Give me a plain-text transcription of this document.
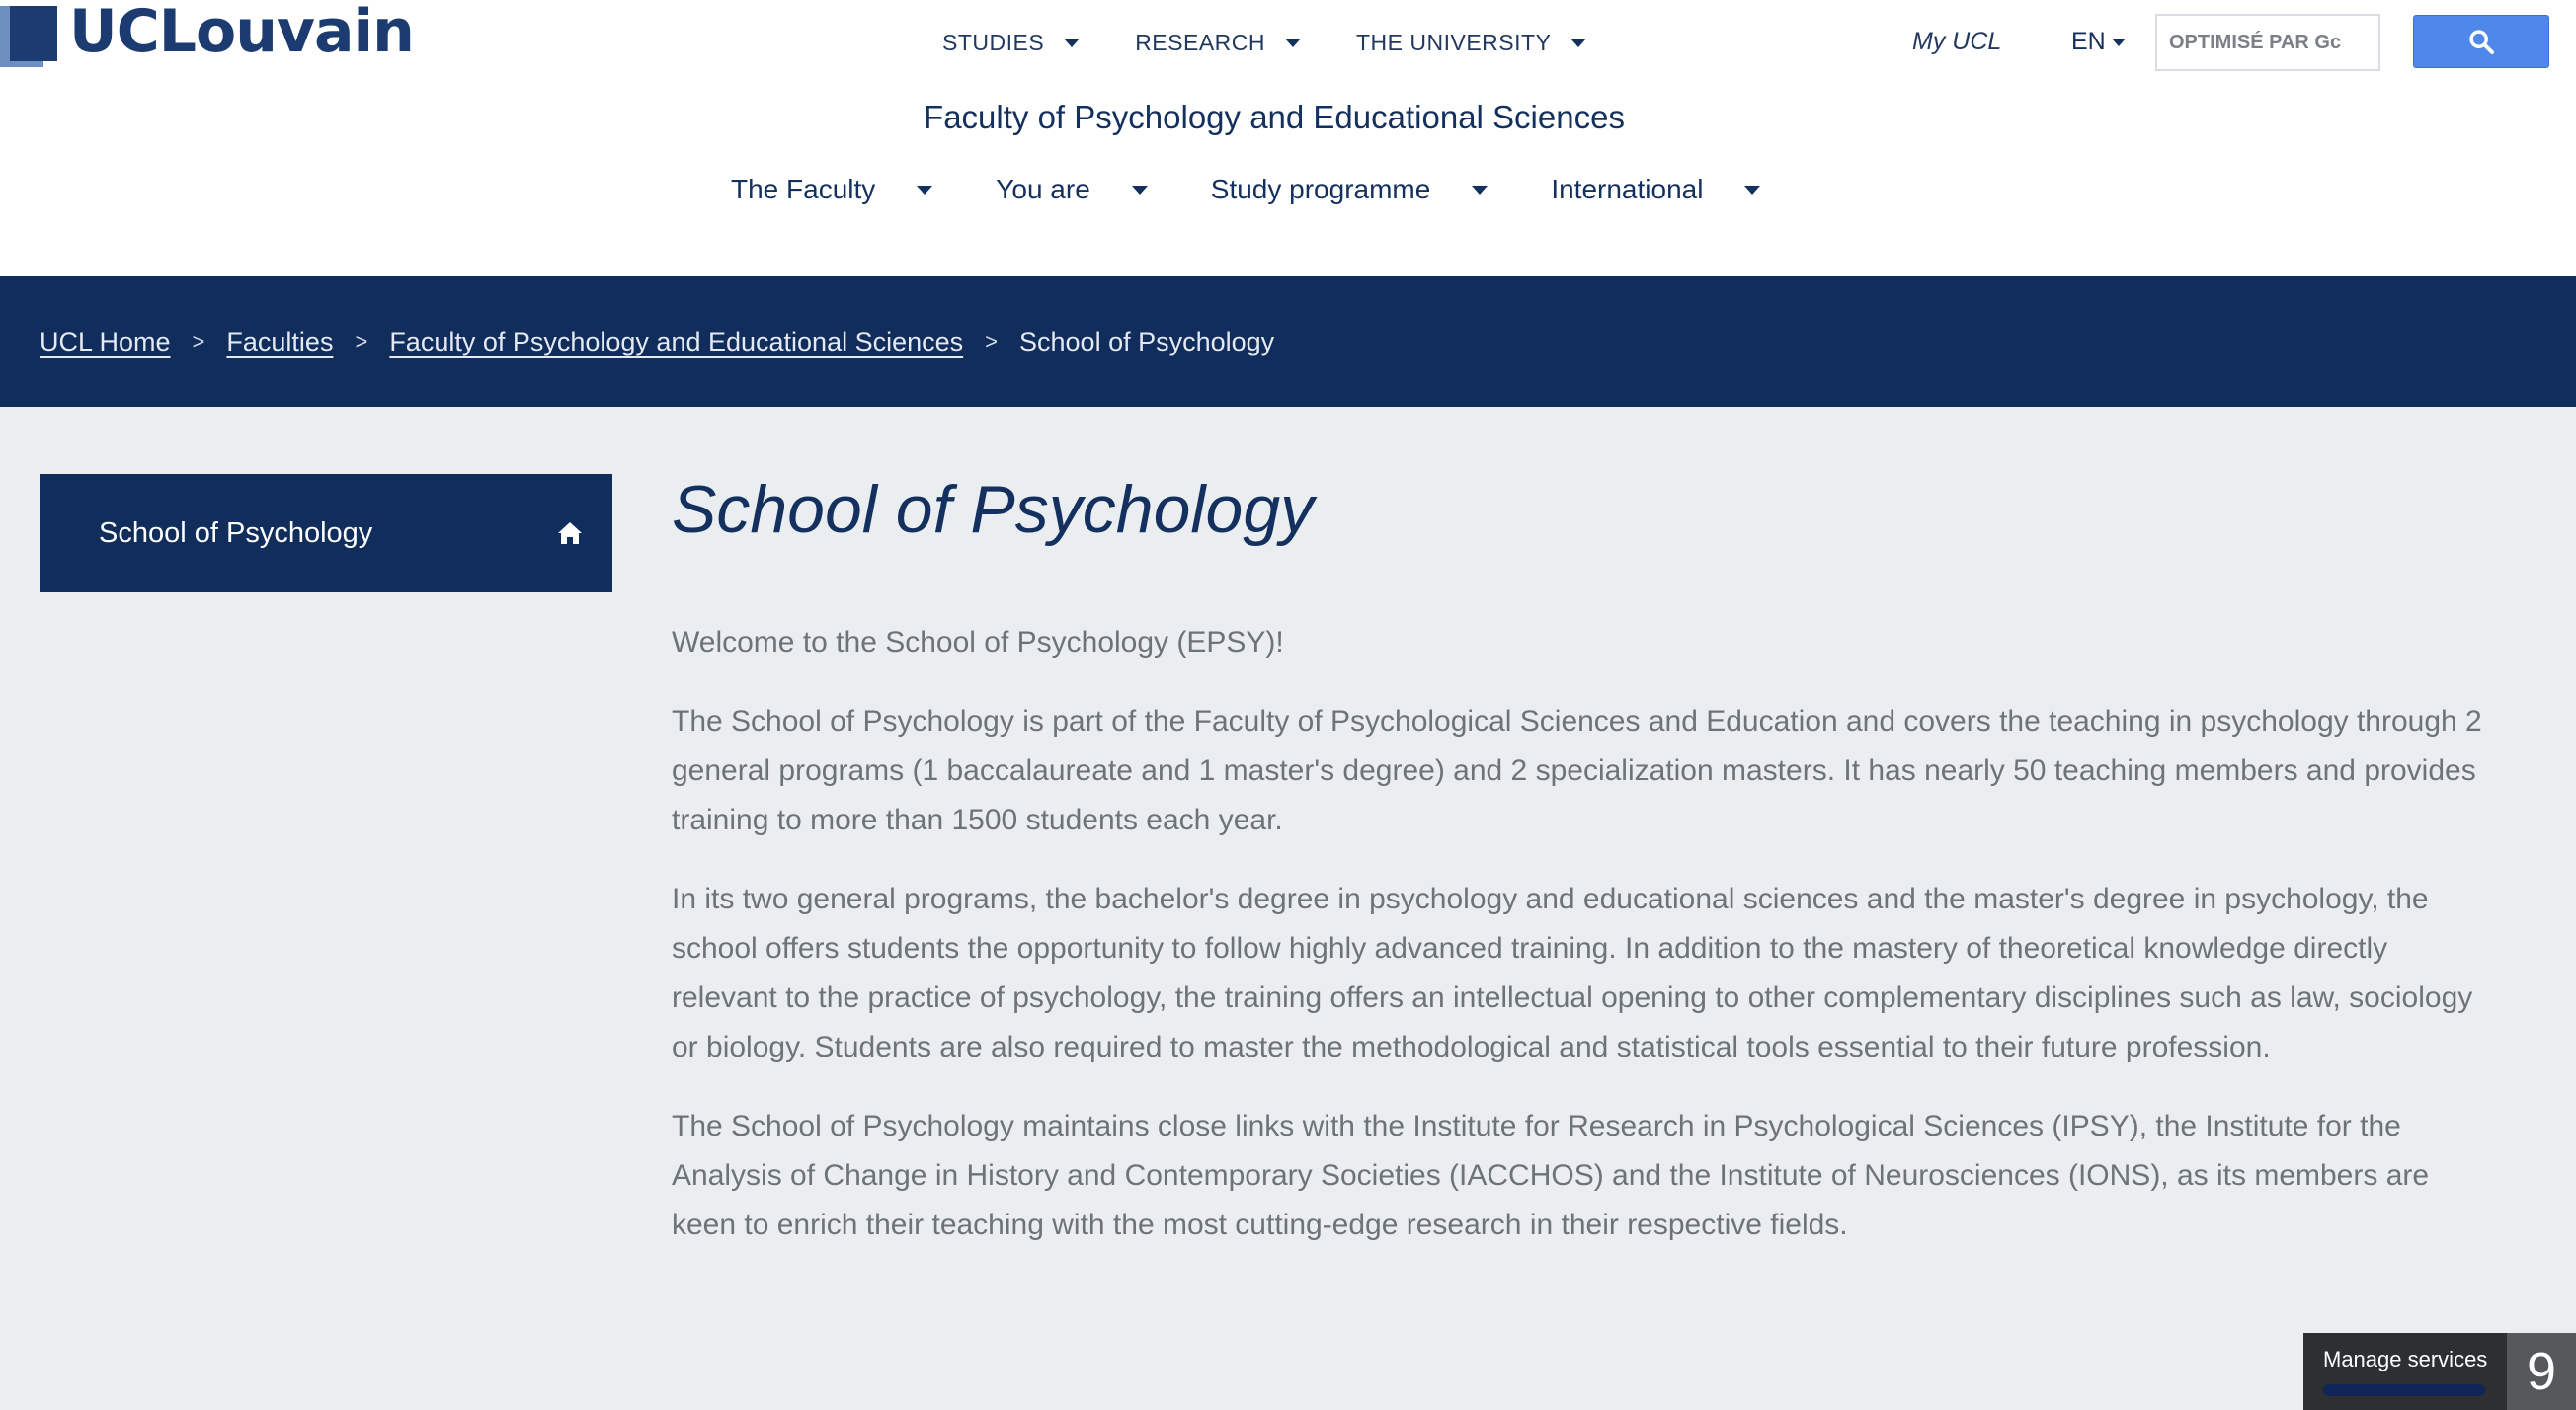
UCLouvain	STUDIES	RESEARCH	THE UNIVERSITY	My UCL	EN	OPTIMISÉ PAR Gc
Faculty of Psychology and Educational Sciences
The Faculty	You are	Study programme	International
UCL Home > Faculties > Faculty of Psychology and Educational Sciences > School of Psychology
School of Psychology	School of Psychology

Welcome to the School of Psychology (EPSY)!

The School of Psychology is part of the Faculty of Psychological Sciences and Education and covers the teaching in psychology through 2 general programs (1 baccalaureate and 1 master's degree) and 2 specialization masters. It has nearly 50 teaching members and provides training to more than 1500 students each year.

In its two general programs, the bachelor's degree in psychology and educational sciences and the master's degree in psychology, the school offers students the opportunity to follow highly advanced training. In addition to the mastery of theoretical knowledge directly relevant to the practice of psychology, the training offers an intellectual opening to other complementary disciplines such as law, sociology or biology. Students are also required to master the methodological and statistical tools essential to their future profession.

The School of Psychology maintains close links with the Institute for Research in Psychological Sciences (IPSY), the Institute for the Analysis of Change in History and Contemporary Societies (IACCHOS) and the Institute of Neurosciences (IONS), as its members are keen to enrich their teaching with the most cutting-edge research in their respective fields.

Manage services 9
